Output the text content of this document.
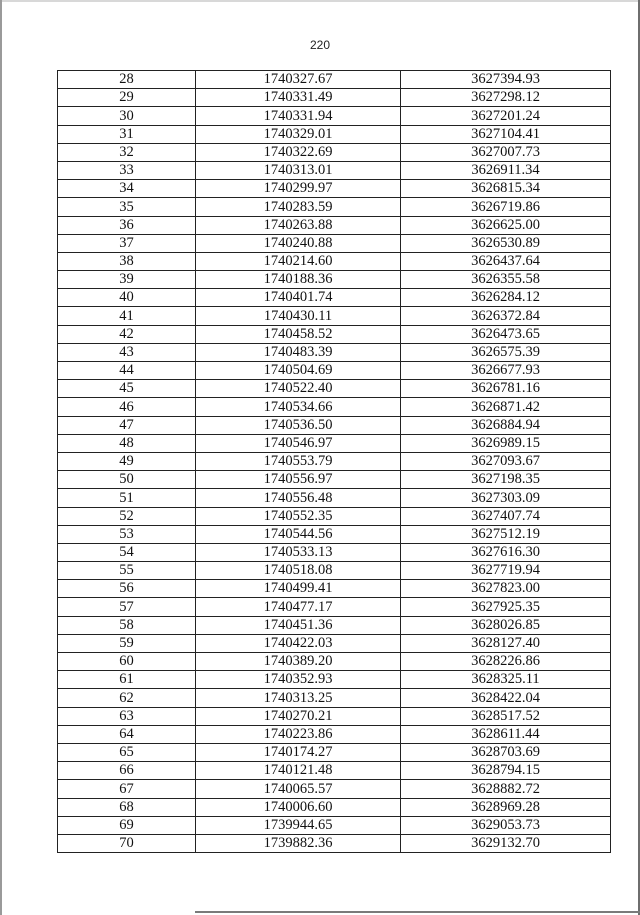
220
28	1740327.67	3627394.93
29	1740331.49	3627298.12
30	1740331.94	3627201.24
31	1740329.01	3627104.41
32	1740322.69	3627007.73
33	1740313.01	3626911.34
34	1740299.97	3626815.34
35	1740283.59	3626719.86
36	1740263.88	3626625.00
37	1740240.88	3626530.89
38	1740214.60	3626437.64
39	1740188.36	3626355.58
40	1740401.74	3626284.12
41	1740430.11	3626372.84
42	1740458.52	3626473.65
43	1740483.39	3626575.39
44	1740504.69	3626677.93
45	1740522.40	3626781.16
46	1740534.66	3626871.42
47	1740536.50	3626884.94
48	1740546.97	3626989.15
49	1740553.79	3627093.67
50	1740556.97	3627198.35
51	1740556.48	3627303.09
52	1740552.35	3627407.74
53	1740544.56	3627512.19
54	1740533.13	3627616.30
55	1740518.08	3627719.94
56	1740499.41	3627823.00
57	1740477.17	3627925.35
58	1740451.36	3628026.85
59	1740422.03	3628127.40
60	1740389.20	3628226.86
61	1740352.93	3628325.11
62	1740313.25	3628422.04
63	1740270.21	3628517.52
64	1740223.86	3628611.44
65	1740174.27	3628703.69
66	1740121.48	3628794.15
67	1740065.57	3628882.72
68	1740006.60	3628969.28
69	1739944.65	3629053.73
70	1739882.36	3629132.70
